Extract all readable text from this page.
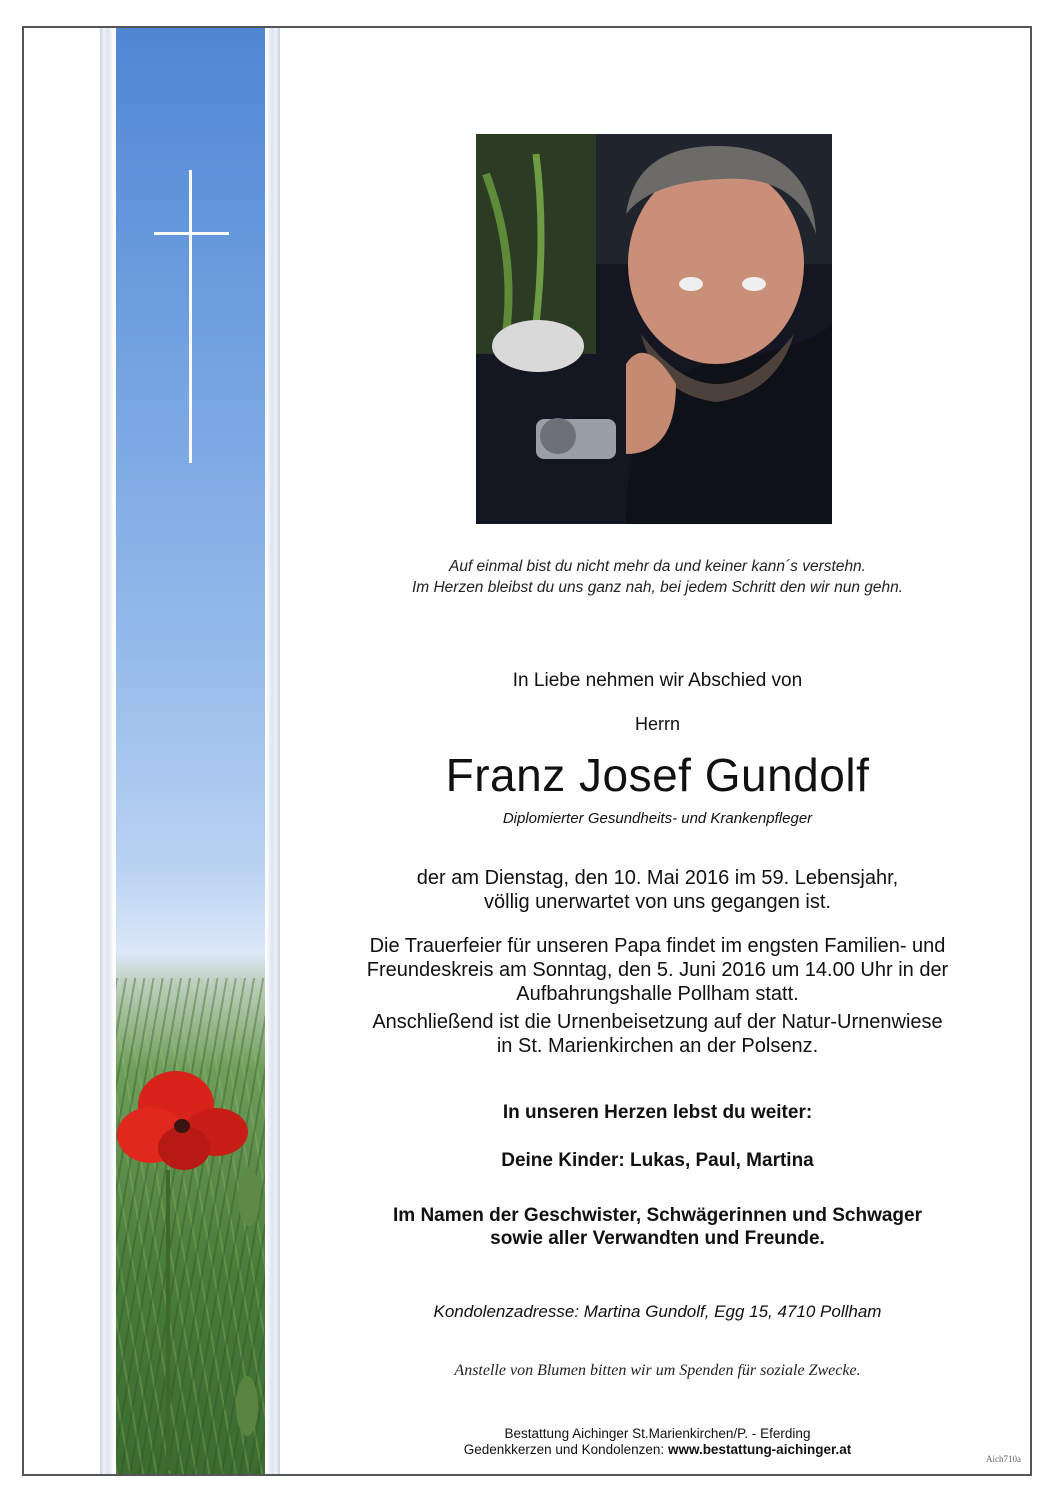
Auf einmal bist du nicht mehr da und keiner kann´s verstehn.
Im Herzen bleibst du uns ganz nah, bei jedem Schritt den wir nun gehn.
In Liebe nehmen wir Abschied von
Herrn
Franz Josef Gundolf
Diplomierter Gesundheits- und Krankenpfleger
der am Dienstag, den 10. Mai 2016 im 59. Lebensjahr,
völlig unerwartet von uns gegangen ist.
Die Trauerfeier für unseren Papa findet im engsten Familien- und
Freundeskreis am Sonntag, den 5. Juni 2016 um 14.00 Uhr in der
Aufbahrungshalle Pollham statt.
Anschließend ist die Urnenbeisetzung auf der Natur-Urnenwiese
in St. Marienkirchen an der Polsenz.
In unseren Herzen lebst du weiter:
Deine Kinder: Lukas, Paul, Martina
Im Namen der Geschwister, Schwägerinnen und Schwager
sowie aller Verwandten und Freunde.
Kondolenzadresse: Martina Gundolf, Egg 15, 4710 Pollham
Anstelle von Blumen bitten wir um Spenden für soziale Zwecke.
Bestattung Aichinger St.Marienkirchen/P. - Eferding
Gedenkkerzen und Kondolenzen: www.bestattung-aichinger.at
Aich710a
